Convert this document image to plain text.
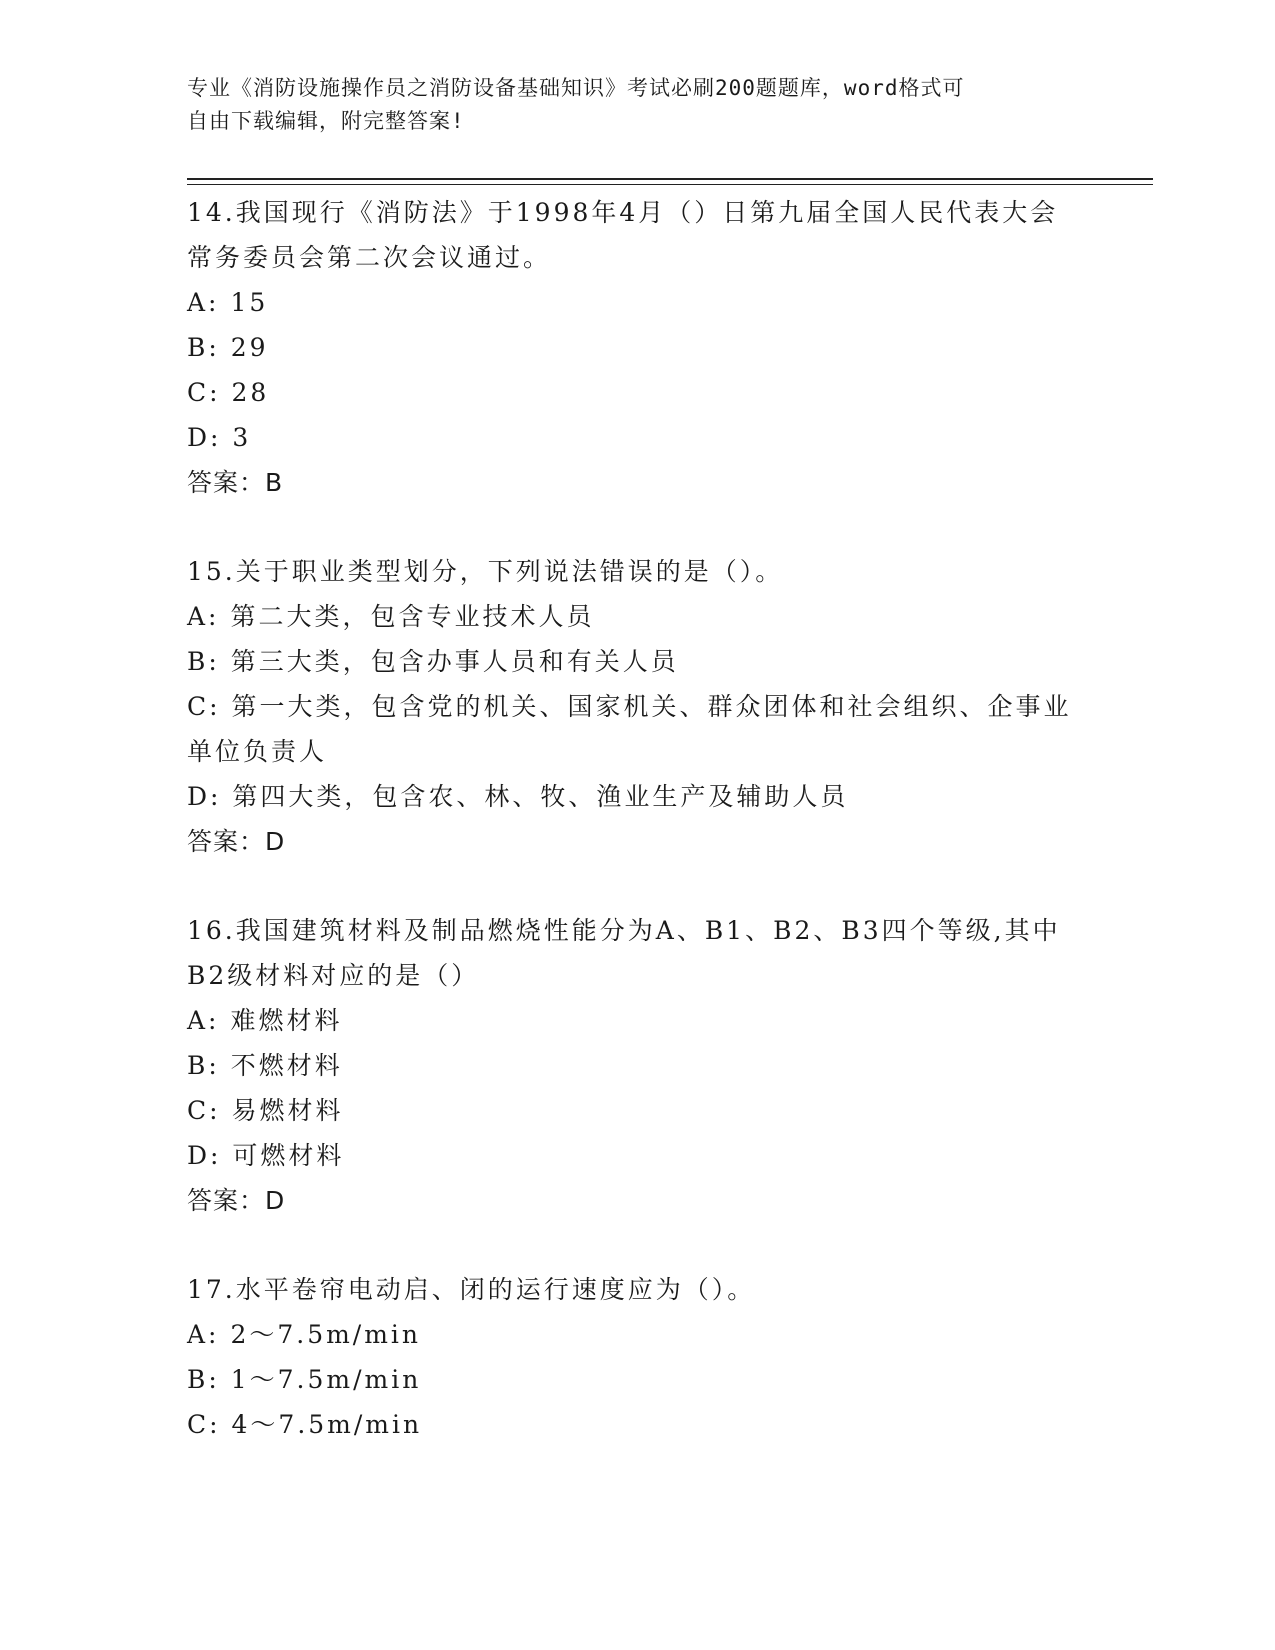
专业《消防设施操作员之消防设备基础知识》考试必刷200题题库，word格式可
自由下载编辑，附完整答案!
14.我国现行《消防法》于1998年4月（）日第九届全国人民代表大会常务委员会第二次会议通过。
A: 15
B: 29
C: 28
D: 3
答案：B
15.关于职业类型划分，下列说法错误的是（）。
A: 第二大类，包含专业技术人员
B: 第三大类，包含办事人员和有关人员
C: 第一大类，包含党的机关、国家机关、群众团体和社会组织、企事业单位负责人
D: 第四大类，包含农、林、牧、渔业生产及辅助人员
答案：D
16.我国建筑材料及制品燃烧性能分为A、B1、B2、B3四个等级,其中B2级材料对应的是（）
A: 难燃材料
B: 不燃材料
C: 易燃材料
D: 可燃材料
答案：D
17.水平卷帘电动启、闭的运行速度应为（）。
A: 2～7.5m/min
B: 1～7.5m/min
C: 4～7.5m/min
